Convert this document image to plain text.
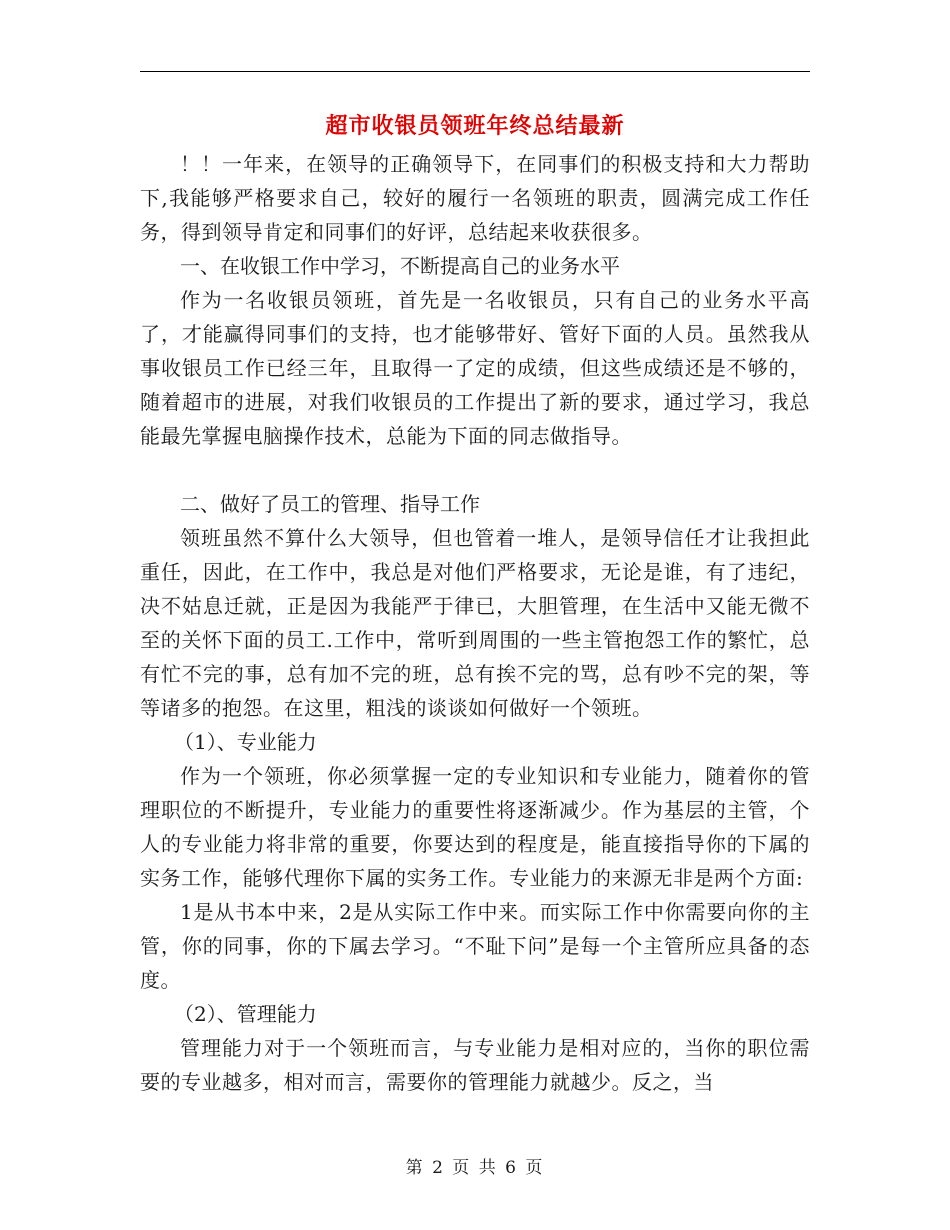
超市收银员领班年终总结最新

！！一年来，在领导的正确领导下，在同事们的积极支持和大力帮助下,我能够严格要求自己，较好的履行一名领班的职责，圆满完成工作任务，得到领导肯定和同事们的好评，总结起来收获很多。

一、在收银工作中学习，不断提高自己的业务水平

作为一名收银员领班，首先是一名收银员，只有自己的业务水平高了，才能赢得同事们的支持，也才能够带好、管好下面的人员。虽然我从事收银员工作已经三年，且取得一了定的成绩，但这些成绩还是不够的，随着超市的进展，对我们收银员的工作提出了新的要求，通过学习，我总能最先掌握电脑操作技术，总能为下面的同志做指导。

二、做好了员工的管理、指导工作

领班虽然不算什么大领导，但也管着一堆人，是领导信任才让我担此重任，因此，在工作中，我总是对他们严格要求，无论是谁，有了违纪，决不姑息迁就，正是因为我能严于律已，大胆管理，在生活中又能无微不至的关怀下面的员工.工作中，常听到周围的一些主管抱怨工作的繁忙，总有忙不完的事，总有加不完的班，总有挨不完的骂，总有吵不完的架，等等诸多的抱怨。在这里，粗浅的谈谈如何做好一个领班。

（1）、专业能力

作为一个领班，你必须掌握一定的专业知识和专业能力，随着你的管理职位的不断提升，专业能力的重要性将逐渐减少。作为基层的主管，个人的专业能力将非常的重要，你要达到的程度是，能直接指导你的下属的实务工作，能够代理你下属的实务工作。专业能力的来源无非是两个方面:

1是从书本中来，2是从实际工作中来。而实际工作中你需要向你的主管，你的同事，你的下属去学习。“不耻下问”是每一个主管所应具备的态度。

（2）、管理能力

管理能力对于一个领班而言，与专业能力是相对应的，当你的职位需要的专业越多，相对而言，需要你的管理能力就越少。反之，当

第 2 页 共 6 页
